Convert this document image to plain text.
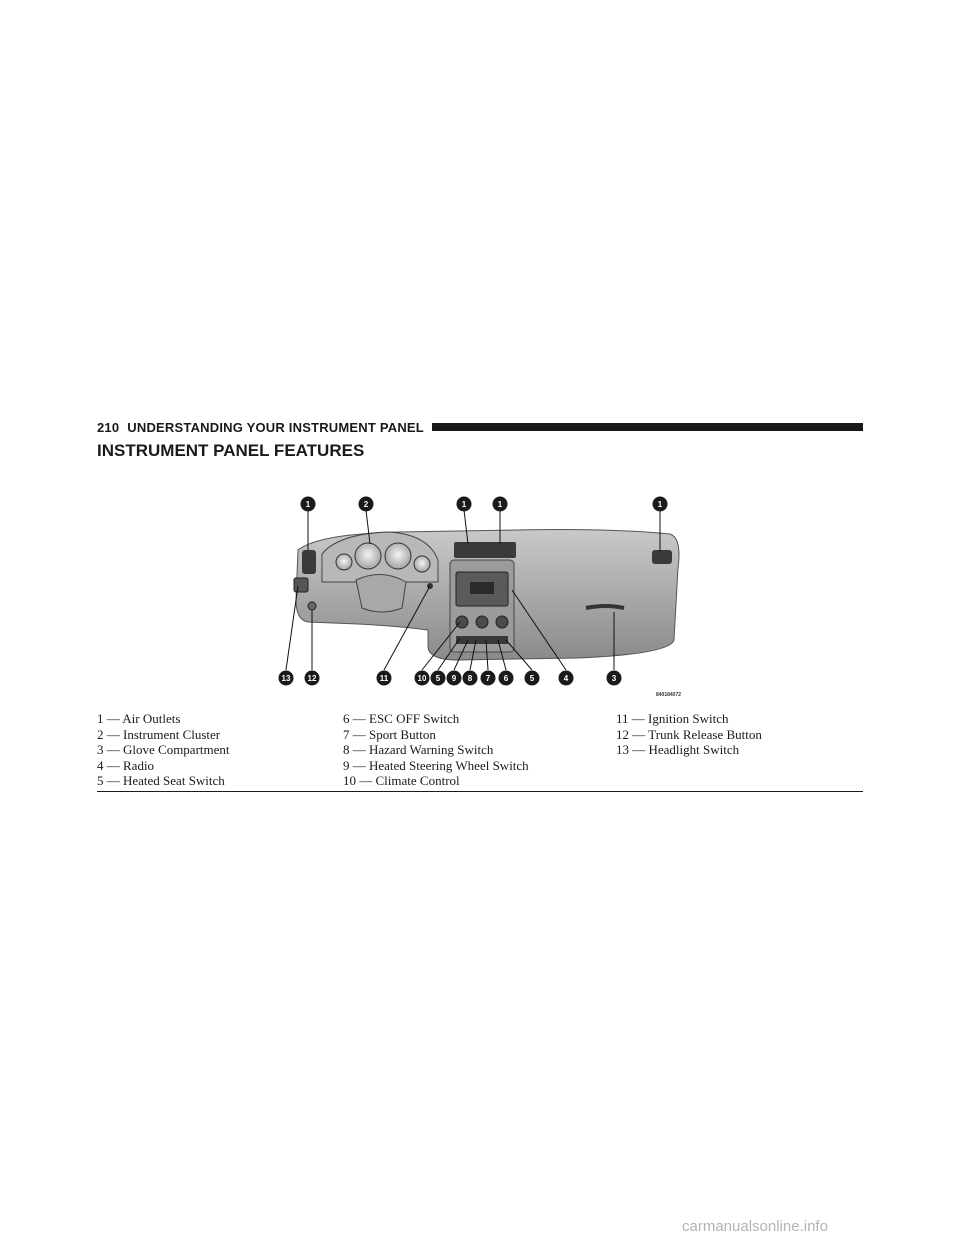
210 UNDERSTANDING YOUR INSTRUMENT PANEL
INSTRUMENT PANEL FEATURES
1	2	1	1	1
13 12	11	10 5 9 8 7 6	5	4	3
840184072
1 — Air Outlets
2 — Instrument Cluster
3 — Glove Compartment
4 — Radio
5 — Heated Seat Switch
6 — ESC OFF Switch
7 — Sport Button
8 — Hazard Warning Switch
9 — Heated Steering Wheel Switch
10 — Climate Control
11 — Ignition Switch
12 — Trunk Release Button
13 — Headlight Switch
carmanualsonline.info
